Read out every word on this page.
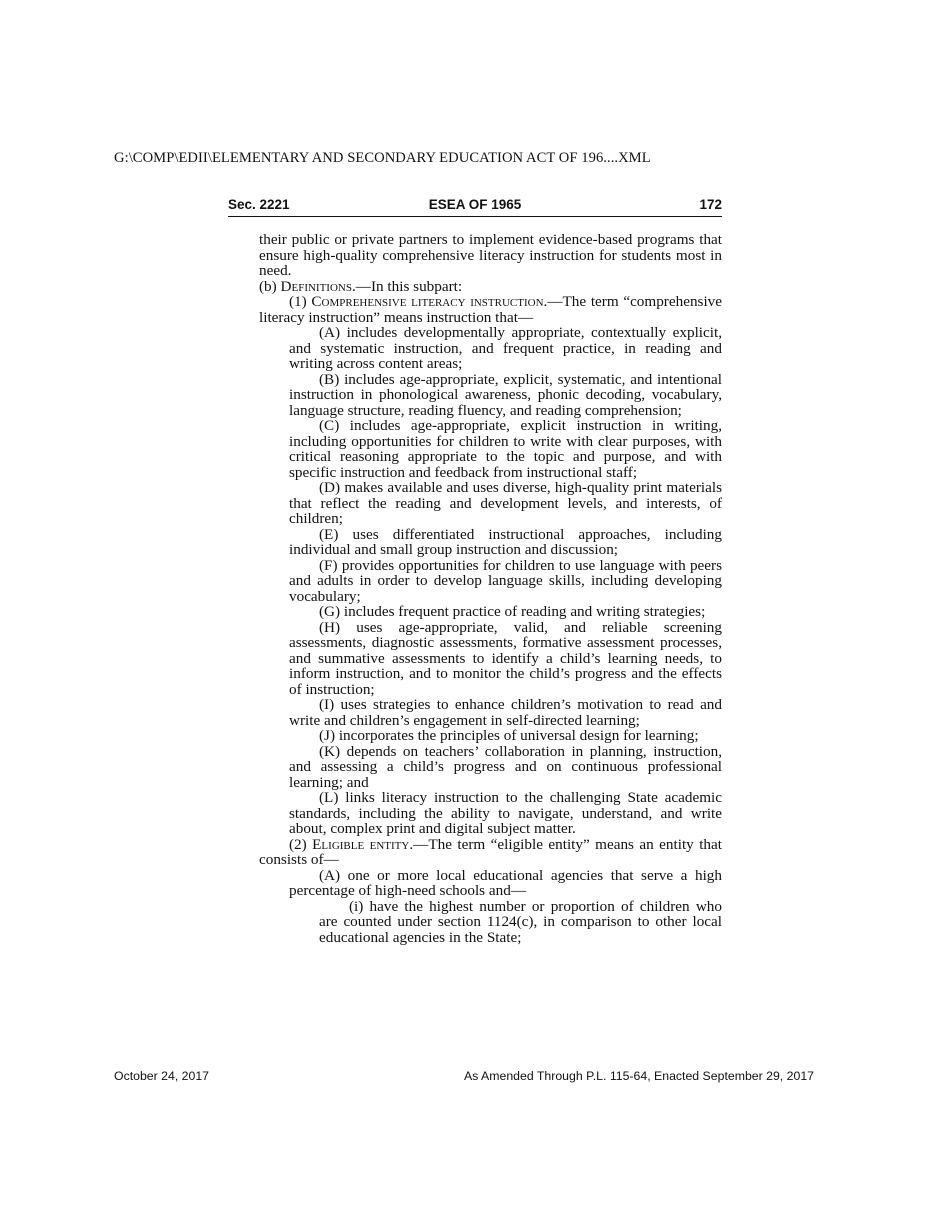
G:\COMP\EDII\ELEMENTARY AND SECONDARY EDUCATION ACT OF 196....XML
Sec. 2221	ESEA OF 1965	172

their public or private partners to implement evidence-based programs that ensure high-quality comprehensive literacy instruction for students most in need.

(b) Definitions.—In this subpart:

(1) Comprehensive literacy instruction.—The term “comprehensive literacy instruction” means instruction that—

(A) includes developmentally appropriate, contextually explicit, and systematic instruction, and frequent practice, in reading and writing across content areas;

(B) includes age-appropriate, explicit, systematic, and intentional instruction in phonological awareness, phonic decoding, vocabulary, language structure, reading fluency, and reading comprehension;

(C) includes age-appropriate, explicit instruction in writing, including opportunities for children to write with clear purposes, with critical reasoning appropriate to the topic and purpose, and with specific instruction and feedback from instructional staff;

(D) makes available and uses diverse, high-quality print materials that reflect the reading and development levels, and interests, of children;

(E) uses differentiated instructional approaches, including individual and small group instruction and discussion;

(F) provides opportunities for children to use language with peers and adults in order to develop language skills, including developing vocabulary;

(G) includes frequent practice of reading and writing strategies;

(H) uses age-appropriate, valid, and reliable screening assessments, diagnostic assessments, formative assessment processes, and summative assessments to identify a child’s learning needs, to inform instruction, and to monitor the child’s progress and the effects of instruction;

(I) uses strategies to enhance children’s motivation to read and write and children’s engagement in self-directed learning;

(J) incorporates the principles of universal design for learning;

(K) depends on teachers’ collaboration in planning, instruction, and assessing a child’s progress and on continuous professional learning; and

(L) links literacy instruction to the challenging State academic standards, including the ability to navigate, understand, and write about, complex print and digital subject matter.

(2) Eligible entity.—The term “eligible entity” means an entity that consists of—

(A) one or more local educational agencies that serve a high percentage of high-need schools and—

(i) have the highest number or proportion of children who are counted under section 1124(c), in comparison to other local educational agencies in the State;

October 24, 2017	As Amended Through P.L. 115-64, Enacted September 29, 2017
